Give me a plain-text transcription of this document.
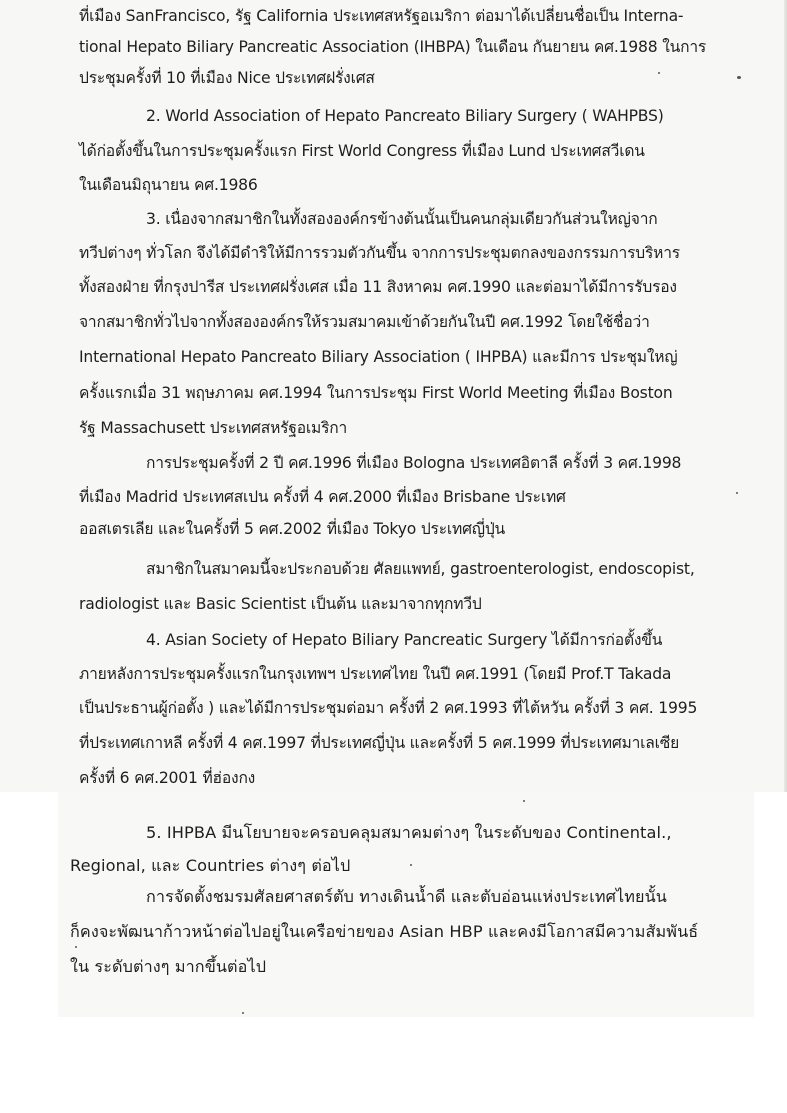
ที่เมือง SanFrancisco, รัฐ California ประเทศสหรัฐอเมริกา ต่อมาได้เปลี่ยนชื่อเป็น Interna-
tional Hepato Biliary Pancreatic Association (IHBPA) ในเดือน กันยายน คศ.1988 ในการ
ประชุมครั้งที่ 10 ที่เมือง Nice ประเทศฝรั่งเศส
2. World Association of Hepato Pancreato Biliary Surgery ( WAHPBS)
ได้ก่อตั้งขึ้นในการประชุมครั้งแรก First World Congress ที่เมือง Lund ประเทศสวีเดน
ในเดือนมิถุนายน คศ.1986
3. เนื่องจากสมาชิกในทั้งสององค์กรข้างต้นนั้นเป็นคนกลุ่มเดียวกันส่วนใหญ่จาก
ทวีปต่างๆ ทั่วโลก จึงได้มีดำริให้มีการรวมตัวกันขึ้น จากการประชุมตกลงของกรรมการบริหาร
ทั้งสองฝ่าย ที่กรุงปารีส ประเทศฝรั่งเศส เมื่อ 11 สิงหาคม คศ.1990 และต่อมาได้มีการรับรอง
จากสมาชิกทั่วไปจากทั้งสององค์กรให้รวมสมาคมเข้าด้วยกันในปี คศ.1992 โดยใช้ชื่อว่า
International Hepato Pancreato Biliary Association ( IHPBA) และมีการ ประชุมใหญ่
ครั้งแรกเมื่อ 31 พฤษภาคม คศ.1994 ในการประชุม First World Meeting ที่เมือง Boston
รัฐ Massachusett ประเทศสหรัฐอเมริกา
การประชุมครั้งที่ 2 ปี คศ.1996 ที่เมือง Bologna ประเทศอิตาลี ครั้งที่ 3 คศ.1998
ที่เมือง Madrid ประเทศสเปน ครั้งที่ 4 คศ.2000 ที่เมือง Brisbane ประเทศ
ออสเตรเลีย และในครั้งที่ 5 คศ.2002 ที่เมือง Tokyo ประเทศญี่ปุ่น
สมาชิกในสมาคมนี้จะประกอบด้วย ศัลยแพทย์, gastroenterologist, endoscopist,
radiologist และ Basic Scientist เป็นต้น และมาจากทุกทวีป
4. Asian Society of Hepato Biliary Pancreatic Surgery ได้มีการก่อตั้งขึ้น
ภายหลังการประชุมครั้งแรกในกรุงเทพฯ ประเทศไทย ในปี คศ.1991 (โดยมี Prof.T Takada
เป็นประธานผู้ก่อตั้ง ) และได้มีการประชุมต่อมา ครั้งที่ 2 คศ.1993 ที่ไต้หวัน ครั้งที่ 3 คศ. 1995
ที่ประเทศเกาหลี ครั้งที่ 4 คศ.1997 ที่ประเทศญี่ปุ่น และครั้งที่ 5 คศ.1999 ที่ประเทศมาเลเซีย
ครั้งที่ 6 คศ.2001 ที่ฮ่องกง
5. IHPBA มีนโยบายจะครอบคลุมสมาคมต่างๆ ในระดับของ Continental.,
Regional, และ Countries ต่างๆ ต่อไป
การจัดตั้งชมรมศัลยศาสตร์ตับ ทางเดินน้ำดี และตับอ่อนแห่งประเทศไทยนั้น
ก็คงจะพัฒนาก้าวหน้าต่อไปอยู่ในเครือข่ายของ Asian HBP และคงมีโอกาสมีความสัมพันธ์
ใน ระดับต่างๆ มากขึ้นต่อไป
